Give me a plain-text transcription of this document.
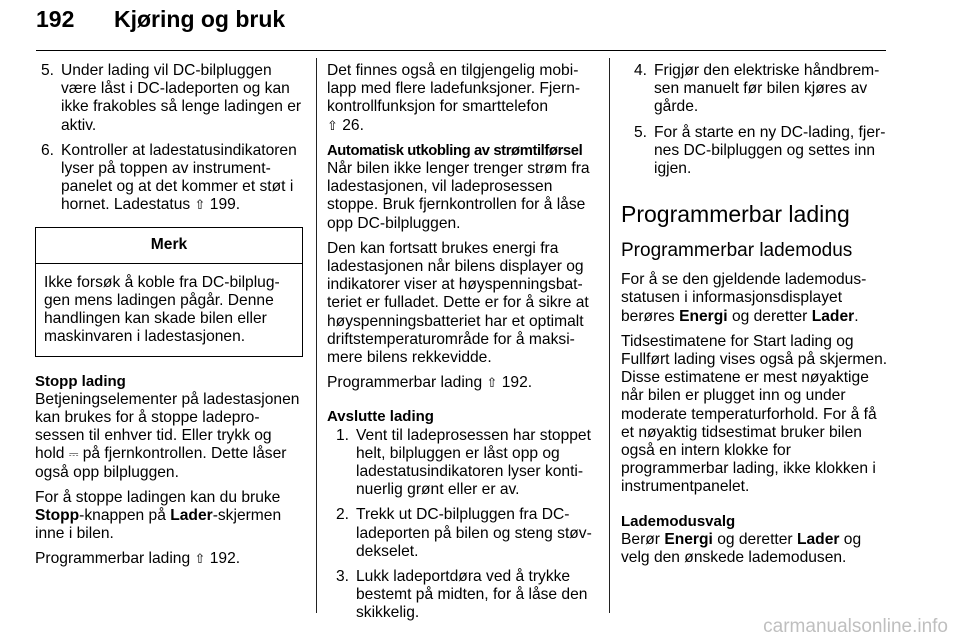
192 Kjøring og bruk
5. Under lading vil DC-bilpluggen være låst i DC-ladeporten og kan ikke frakobles så lenge ladingen er aktiv.
6. Kontroller at ladestatusindikatoren lyser på toppen av instrumentpanelet og at det kommer et støt i hornet. Ladestatus ⇧ 199.
Merk
Ikke forsøk å koble fra DC-bilpluggen mens ladingen pågår. Denne handlingen kan skade bilen eller maskinvaren i ladestasjonen.
Stopp lading

Betjeningselementer på ladestasjonen kan brukes for å stoppe ladeprosessen til enhver tid. Eller trykk og hold ⎓ på fjernkontrollen. Dette låser også opp bilpluggen.

For å stoppe ladingen kan du bruke Stopp-knappen på Lader-skjermen inne i bilen.

Programmerbar lading ⇧ 192.

Det finnes også en tilgjengelig mobilapp med flere ladefunksjoner. Fjernkontrollfunksjon for smarttelefon
⇧ 26.

Automatisk utkobling av strømtilførsel

Når bilen ikke lenger trenger strøm fra ladestasjonen, vil ladeprosessen stoppe. Bruk fjernkontrollen for å låse opp DC-bilpluggen.

Den kan fortsatt brukes energi fra ladestasjonen når bilens displayer og indikatorer viser at høyspenningsbatteriet er fulladet. Dette er for å sikre at høyspenningsbatteriet har et optimalt driftstemperaturområde for å maksimere bilens rekkevidde.

Programmerbar lading ⇧ 192.

Avslutte lading
1. Vent til ladeprosessen har stoppet helt, bilpluggen er låst opp og ladestatusindikatoren lyser kontinuerlig grønt eller er av.
2. Trekk ut DC-bilpluggen fra DC-ladeporten på bilen og steng støvdekselet.
3. Lukk ladeportdøra ved å trykke bestemt på midten, for å låse den skikkelig.
4. Frigjør den elektriske håndbremsen manuelt før bilen kjøres av gårde.
5. For å starte en ny DC-lading, fjernes DC-bilpluggen og settes inn igjen.
Programmerbar lading
Programmerbar lademodus

For å se den gjeldende lademodusstatusen i informasjonsdisplayet berøres Energi og deretter Lader.

Tidsestimatene for Start lading og Fullført lading vises også på skjermen. Disse estimatene er mest nøyaktige når bilen er plugget inn og under moderate temperaturforhold. For å få et nøyaktig tidsestimat bruker bilen også en intern klokke for programmerbar lading, ikke klokken i instrumentpanelet.

Lademodusvalg

Berør Energi og deretter Lader og velg den ønskede lademodusen.

carmanualsonline.info
